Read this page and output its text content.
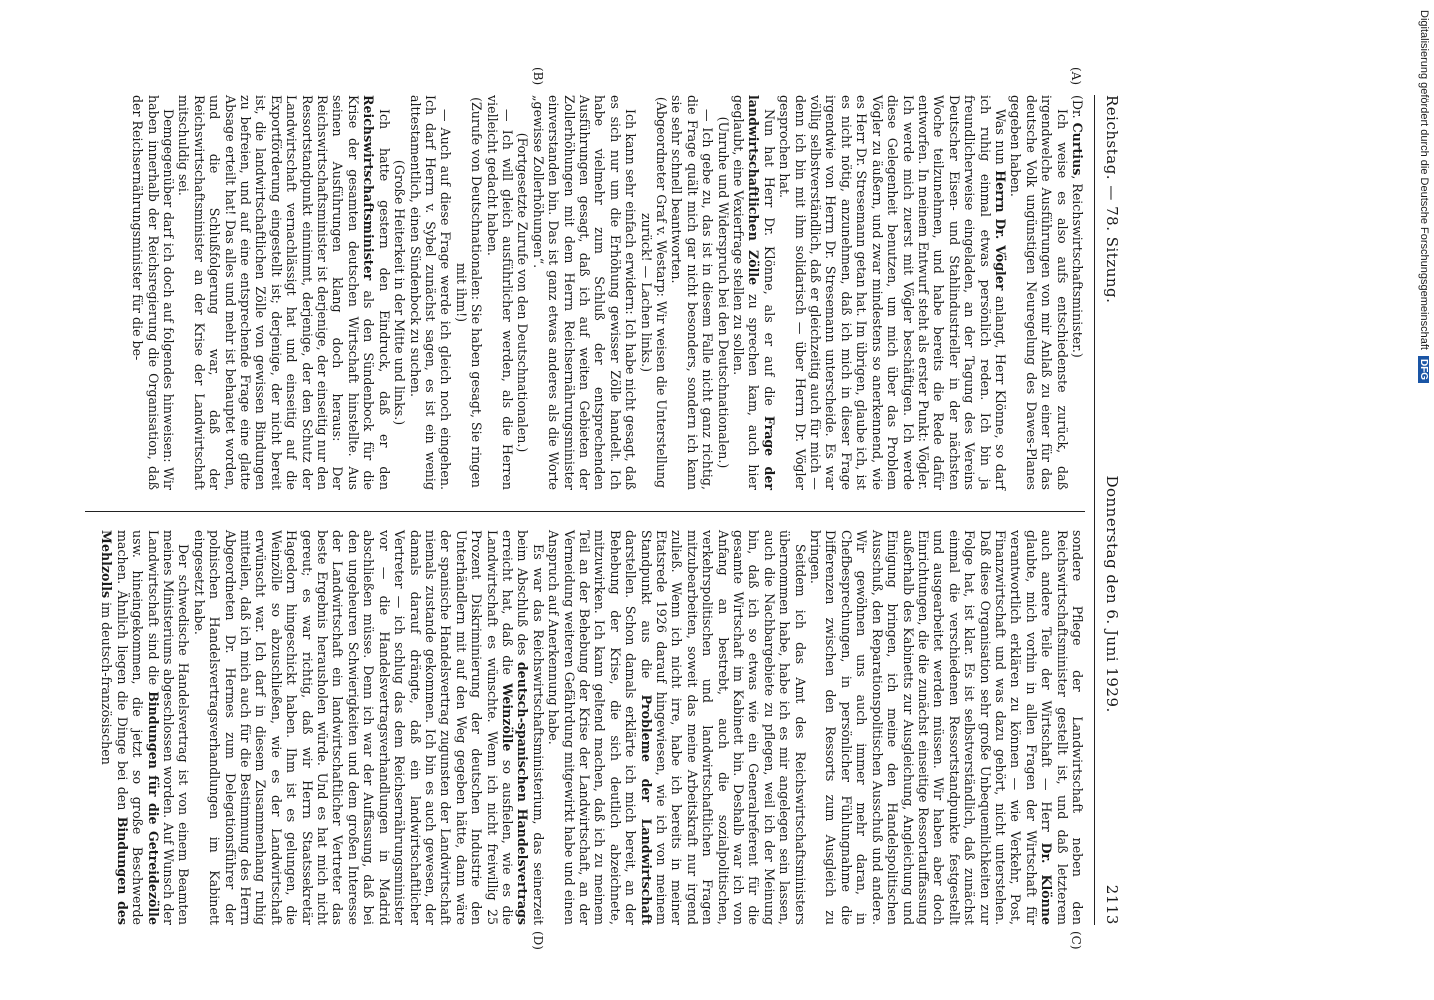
Reichstag. — 78. Sitzung.
Donnerstag den 6. Juni 1929.
2113
(A)
(B)
(C)
(D)

(Dr. Curtius, Reichswirtschaftsminister.)

Ich weise es also aufs entschiedenste zurück, daß irgendwelche Ausführungen von mir Anlaß zu einer für das deutsche Volk ungünstigen Neuregelung des Dawes-Planes gegeben haben.

Was nun Herrn Dr. Vögler anlangt, Herr Klönne, so darf ich ruhig einmal etwas persönlich reden. Ich bin ja freundlicherweise eingeladen, an der Tagung des Vereins Deutscher Eisen- und Stahlindustrieller in der nächsten Woche teilzunehmen, und habe bereits die Rede dafür entworfen. In meinem Entwurf steht als erster Punkt: Vögler. Ich werde mich zuerst mit Vögler beschäftigen. Ich werde diese Gelegenheit benutzen, um mich über das Problem Vögler zu äußern, und zwar mindestens so anerkennend, wie es Herr Dr. Stresemann getan hat. Im übrigen, glaube ich, ist es nicht nötig, anzunehmen, daß ich mich in dieser Frage irgendwie von Herrn Dr. Stresemann unterscheide. Es war völlig selbstverständlich, daß er gleichzeitig auch für mich — denn ich bin mit ihm solidarisch — über Herrn Dr. Vögler gesprochen hat.

Nun hat Herr Dr. Klönne, als er auf die Frage der landwirtschaftlichen Zölle zu sprechen kam, auch hier geglaubt, eine Vexierfrage stellen zu sollen.

(Unruhe und Widerspruch bei den Deutschnationalen.)

— Ich gebe zu, das ist in diesem Falle nicht ganz richtig, die Frage quält mich gar nicht besonders, sondern ich kann sie sehr schnell beantworten.

(Abgeordneter Graf v. Westarp: Wir weisen die Unterstellung zurück! — Lachen links.)

Ich kann sehr einfach erwidern: Ich habe nicht gesagt, daß es sich nur um die Erhöhung gewisser Zölle handelt. Ich habe vielmehr zum Schluß der entsprechenden Ausführungen gesagt, daß ich auf weiten Gebieten der Zollerhöhungen mit dem Herrn Reichsernährungsminister einverstanden bin. Das ist ganz etwas anderes als die Worte „gewisse Zollerhöhungen“.

(Fortgesetzte Zurufe von den Deutschnationalen.)

— Ich will gleich ausführlicher werden, als die Herren vielleicht gedacht haben.

(Zurufe von Deutschnationalen: Sie haben gesagt, Sie ringen mit ihm!)

— Auch auf diese Frage werde ich gleich noch eingehen. Ich darf Herrn v. Sybel zunächst sagen, es ist ein wenig alttestamentlich, einen Sündenbock zu suchen.

(Große Heiterkeit in der Mitte und links.)

Ich hatte gestern den Eindruck, daß er den Reichswirtschaftsminister als den Sündenbock für die Krise der gesamten deutschen Wirtschaft hinstellte. Aus seinen Ausführungen klang doch heraus: Der Reichswirtschaftsminister ist derjenige, der einseitig nur den Ressortstandpunkt einnimmt, derjenige, der den Schutz der Landwirtschaft vernachlässigt hat und einseitig auf die Exportförderung eingestellt ist; derjenige, der nicht bereit ist, die landwirtschaftlichen Zölle von gewissen Bindungen zu befreien, und auf eine entsprechende Frage eine glatte Absage erteilt hat! Das alles und mehr ist behauptet worden, und die Schlußfolgerung war, daß der Reichswirtschaftsminister an der Krise der Landwirtschaft mitschuldig sei.

Demgegenüber darf ich doch auf folgendes hinweisen: Wir haben innerhalb der Reichsregierung die Organisation, daß der Reichsernährungsminister für die be-

sondere Pflege der Landwirtschaft neben den Reichswirtschaftsminister gestellt ist, und daß letzterem auch andere Teile der Wirtschaft — Herr Dr. Klönne glaubte, mich vorhin in allen Fragen der Wirtschaft für verantwortlich erklären zu können — wie Verkehr, Post, Finanzwirtschaft und was dazu gehört, nicht unterstehen. Daß diese Organisation sehr große Unbequemlichkeiten zur Folge hat, ist klar. Es ist selbstverständlich, daß zunächst einmal die verschiedenen Ressortstandpunkte festgestellt und ausgearbeitet werden müssen. Wir haben aber doch Einrichtungen, die die zunächst einseitige Ressortauffassung außerhalb des Kabinetts zur Ausgleichung, Angleichung und Einigung bringen, ich meine den Handelspolitischen Ausschuß, den Reparationspolitischen Ausschuß und andere. Wir gewöhnen uns auch immer mehr daran, in Chefbesprechungen, in persönlicher Fühlungnahme die Differenzen zwischen den Ressorts zum Ausgleich zu bringen.

Seitdem ich das Amt des Reichswirtschaftsministers übernommen habe, habe ich es mir angelegen sein lassen, auch die Nachbargebiete zu pflegen, weil ich der Meinung bin, daß ich so etwas wie ein Generalreferent für die gesamte Wirtschaft im Kabinett bin. Deshalb war ich von Anfang an bestrebt, auch die sozialpolitischen, verkehrspolitischen und landwirtschaftlichen Fragen mitzubearbeiten, soweit das meine Arbeitskraft nur irgend zuließ. Wenn ich nicht irre, habe ich bereits in meiner Etatsrede 1926 darauf hingewiesen, wie ich von meinem Standpunkt aus die Probleme der Landwirtschaft darstellen. Schon damals erklärte ich mich bereit, an der Behebung der Krise, die sich deutlich abzeichnete, mitzuwirken. Ich kann geltend machen, daß ich zu meinem Teil an der Behebung der Krise der Landwirtschaft, an der Vermeidung weiteren Gefährdung mitgewirkt habe und einen Anspruch auf Anerkennung habe.

Es war das Reichswirtschaftsministerium, das seinerzeit beim Abschluß des deutsch-spanischen Handelsvertrags erreicht hat, daß die Weinzölle so ausfielen, wie es die Landwirtschaft es wünschte. Wenn ich nicht freiwillig 25 Prozent Diskriminierung der deutschen Industrie den Unterhändlern mit auf den Weg gegeben hätte, dann wäre der spanische Handelsvertrag zugunsten der Landwirtschaft niemals zustande gekommen. Ich bin es auch gewesen, der damals darauf drängte, daß ein landwirtschaftlicher Vertreter — ich schlug das dem Reichsernährungsminister vor — die Handelsvertragsverhandlungen in Madrid abschließen müsse. Denn ich war der Auffassung, daß bei den ungeheuren Schwierigkeiten und dem großen Interesse der Landwirtschaft ein landwirtschaftlicher Vertreter das beste Ergebnis herausholen würde. Und es hat mich nicht gereut; es war richtig, daß wir Herrn Staatssekretär Hagedorn hingeschickt haben. Ihm ist es gelungen, die Weinzölle so abzuschließen, wie es der Landwirtschaft erwünscht war. Ich darf in diesem Zusammenhang ruhig mitteilen, daß ich mich auch für die Bestimmung des Herrn Abgeordneten Dr. Hermes zum Delegationsführer der polnischen Handelsvertragsverhandlungen im Kabinett eingesetzt habe.

Der schwedische Handelsvertrag ist von einem Beamten meines Ministeriums abgeschlossen worden. Auf Wunsch der Landwirtschaft sind die Bindungen für die Getreidezölle usw. hineingekommen, die jetzt so große Beschwerde machen. Ähnlich liegen die Dinge bei den Bindungen des Mehlzolls im deutsch-französischen

Digitalisierung gefördert durch die Deutsche Forschungsgemeinschaft
DFG
